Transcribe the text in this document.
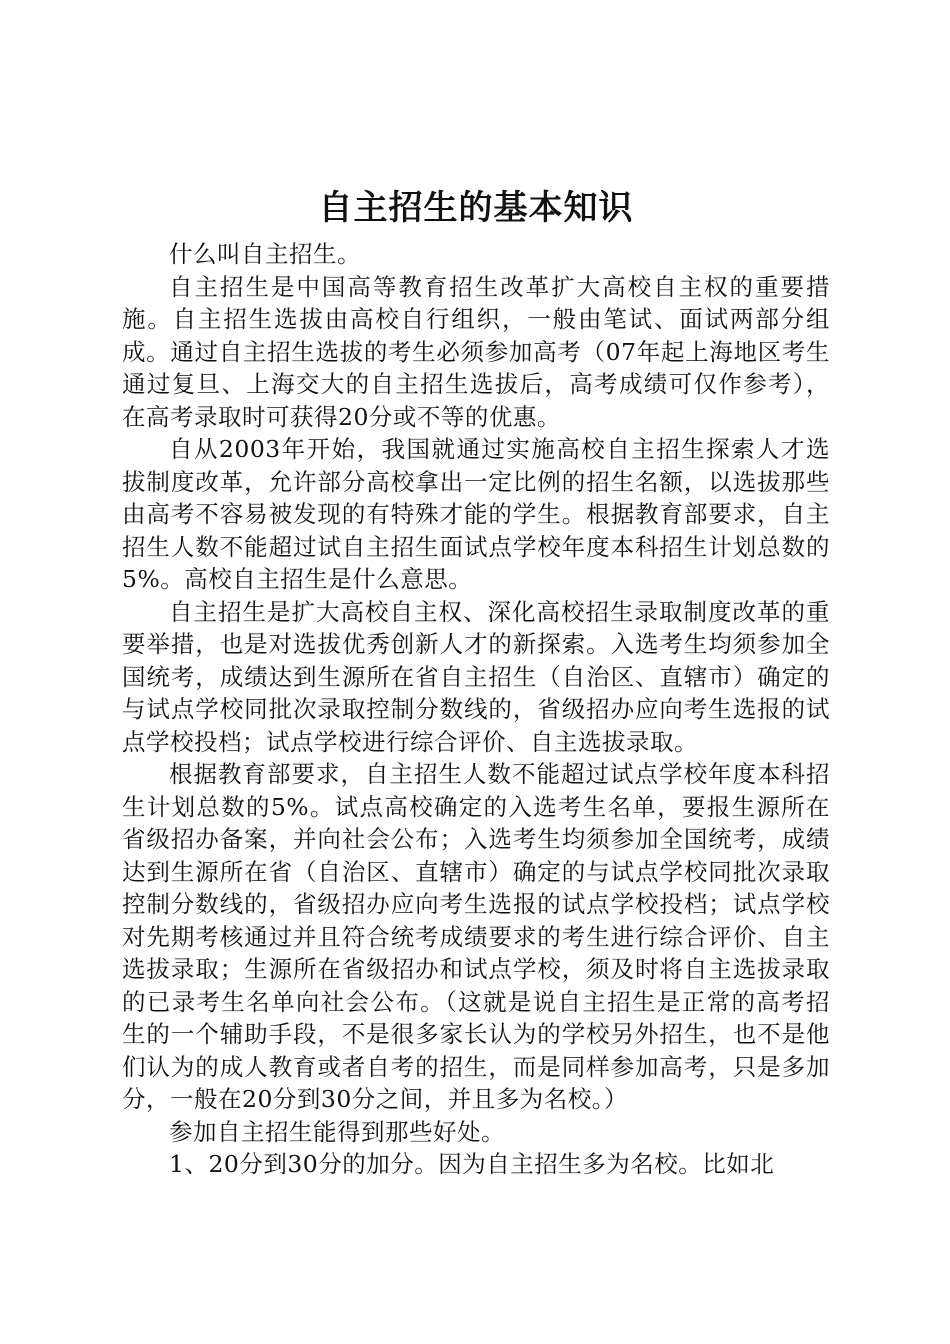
自主招生的基本知识

什么叫自主招生。

自主招生是中国高等教育招生改革扩大高校自主权的重要措施。自主招生选拔由高校自行组织，一般由笔试、面试两部分组成。通过自主招生选拔的考生必须参加高考（07年起上海地区考生通过复旦、上海交大的自主招生选拔后，高考成绩可仅作参考），在高考录取时可获得20分或不等的优惠。

自从2003年开始，我国就通过实施高校自主招生探索人才选拔制度改革，允许部分高校拿出一定比例的招生名额，以选拔那些由高考不容易被发现的有特殊才能的学生。根据教育部要求，自主招生人数不能超过试自主招生面试点学校年度本科招生计划总数的5%。高校自主招生是什么意思。

自主招生是扩大高校自主权、深化高校招生录取制度改革的重要举措，也是对选拔优秀创新人才的新探索。入选考生均须参加全国统考，成绩达到生源所在省自主招生（自治区、直辖市）确定的与试点学校同批次录取控制分数线的，省级招办应向考生选报的试点学校投档；试点学校进行综合评价、自主选拔录取。

根据教育部要求，自主招生人数不能超过试点学校年度本科招生计划总数的5%。试点高校确定的入选考生名单，要报生源所在省级招办备案，并向社会公布；入选考生均须参加全国统考，成绩达到生源所在省（自治区、直辖市）确定的与试点学校同批次录取控制分数线的，省级招办应向考生选报的试点学校投档；试点学校对先期考核通过并且符合统考成绩要求的考生进行综合评价、自主选拔录取；生源所在省级招办和试点学校，须及时将自主选拔录取的已录考生名单向社会公布。（这就是说自主招生是正常的高考招生的一个辅助手段，不是很多家长认为的学校另外招生，也不是他们认为的成人教育或者自考的招生，而是同样参加高考，只是多加分，一般在20分到30分之间，并且多为名校。）

参加自主招生能得到那些好处。

1、20分到30分的加分。因为自主招生多为名校。比如北
